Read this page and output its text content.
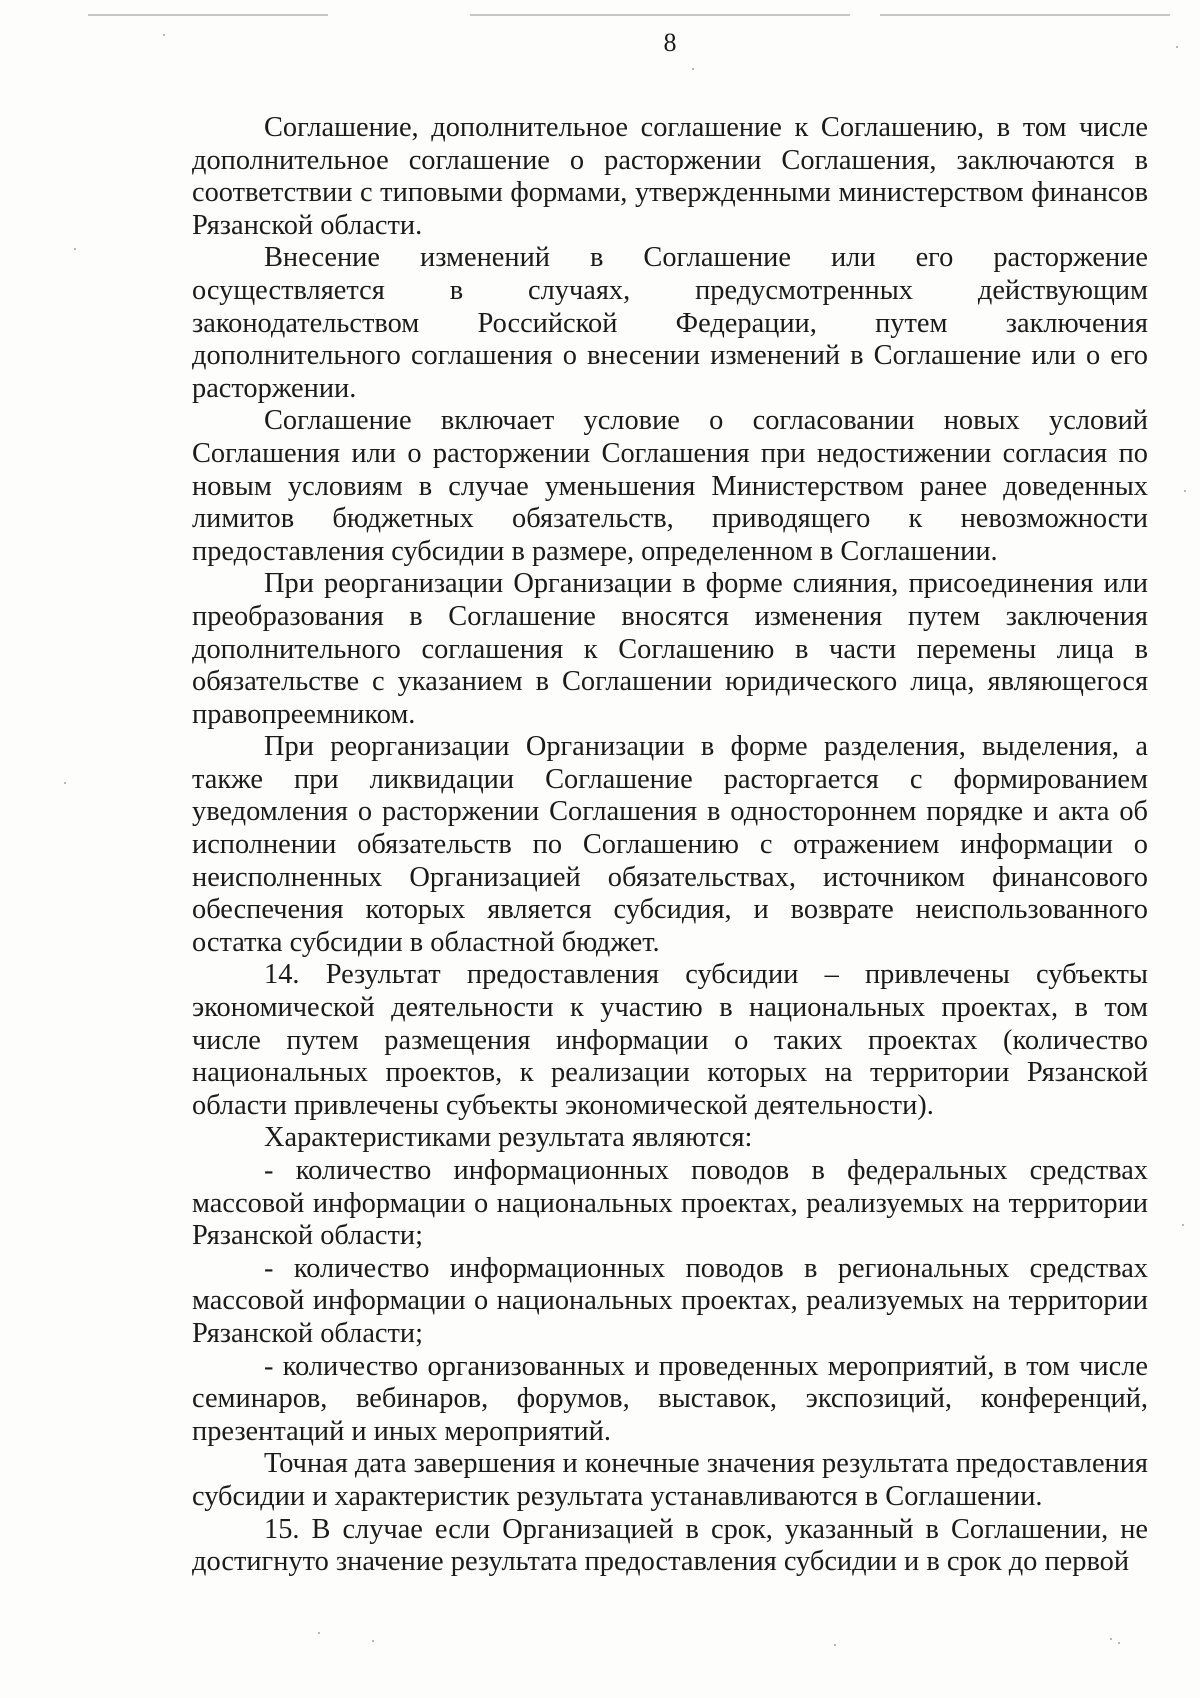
8

Соглашение, дополнительное соглашение к Соглашению, в том числе дополнительное соглашение о расторжении Соглашения, заключаются в соответствии с типовыми формами, утвержденными министерством финансов Рязанской области.

Внесение изменений в Соглашение или его расторжение осуществляется в случаях, предусмотренных действующим законодательством Российской Федерации, путем заключения дополнительного соглашения о внесении изменений в Соглашение или о его расторжении.

Соглашение включает условие о согласовании новых условий Соглашения или о расторжении Соглашения при недостижении согласия по новым условиям в случае уменьшения Министерством ранее доведенных лимитов бюджетных обязательств, приводящего к невозможности предоставления субсидии в размере, определенном в Соглашении.

При реорганизации Организации в форме слияния, присоединения или преобразования в Соглашение вносятся изменения путем заключения дополнительного соглашения к Соглашению в части перемены лица в обязательстве с указанием в Соглашении юридического лица, являющегося правопреемником.

При реорганизации Организации в форме разделения, выделения, а также при ликвидации Соглашение расторгается с формированием уведомления о расторжении Соглашения в одностороннем порядке и акта об исполнении обязательств по Соглашению с отражением информации о неисполненных Организацией обязательствах, источником финансового обеспечения которых является субсидия, и возврате неиспользованного остатка субсидии в областной бюджет.

14. Результат предоставления субсидии – привлечены субъекты экономической деятельности к участию в национальных проектах, в том числе путем размещения информации о таких проектах (количество национальных проектов, к реализации которых на территории Рязанской области привлечены субъекты экономической деятельности).

Характеристиками результата являются:

- количество информационных поводов в федеральных средствах массовой информации о национальных проектах, реализуемых на территории Рязанской области;

- количество информационных поводов в региональных средствах массовой информации о национальных проектах, реализуемых на территории Рязанской области;

- количество организованных и проведенных мероприятий, в том числе семинаров, вебинаров, форумов, выставок, экспозиций, конференций, презентаций и иных мероприятий.

Точная дата завершения и конечные значения результата предоставления субсидии и характеристик результата устанавливаются в Соглашении.

15. В случае если Организацией в срок, указанный в Соглашении, не достигнуто значение результата предоставления субсидии и в срок до первой
